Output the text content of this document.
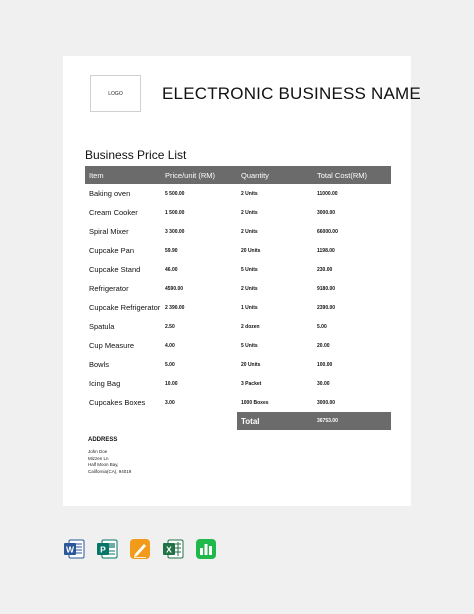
LOGO ELECTRONIC BUSINESS NAME
Business Price List
Item	Price/unit (RM)	Quantity	Total Cost(RM)
Baking oven	5 500.00	2 Units	11000.00
Cream Cooker	1 500.00	2 Units	3000.00
Spiral Mixer	3 300.00	2 Units	66000.00
Cupcake Pan	59.90	20 Units	1198.00
Cupcake Stand	46.00	5 Units	230.00
Refrigerator	4590.00	2 Units	9180.00
Cupcake Refrigerator	2 390.00	1 Units	2390.00
Spatula	2.50	2 dozen	5.00
Cup Measure	4.00	5 Units	20.00
Bowls	5.00	20 Units	100.00
Icing Bag	10.00	3 Packet	30.00
Cupcakes Boxes	3.00	1000 Boxes	3000.00
		Total	36753.00
ADDRESS
John Doe
Mizzen Ln
Half Moon Bay,
California(CA), 94019
W	P	X
